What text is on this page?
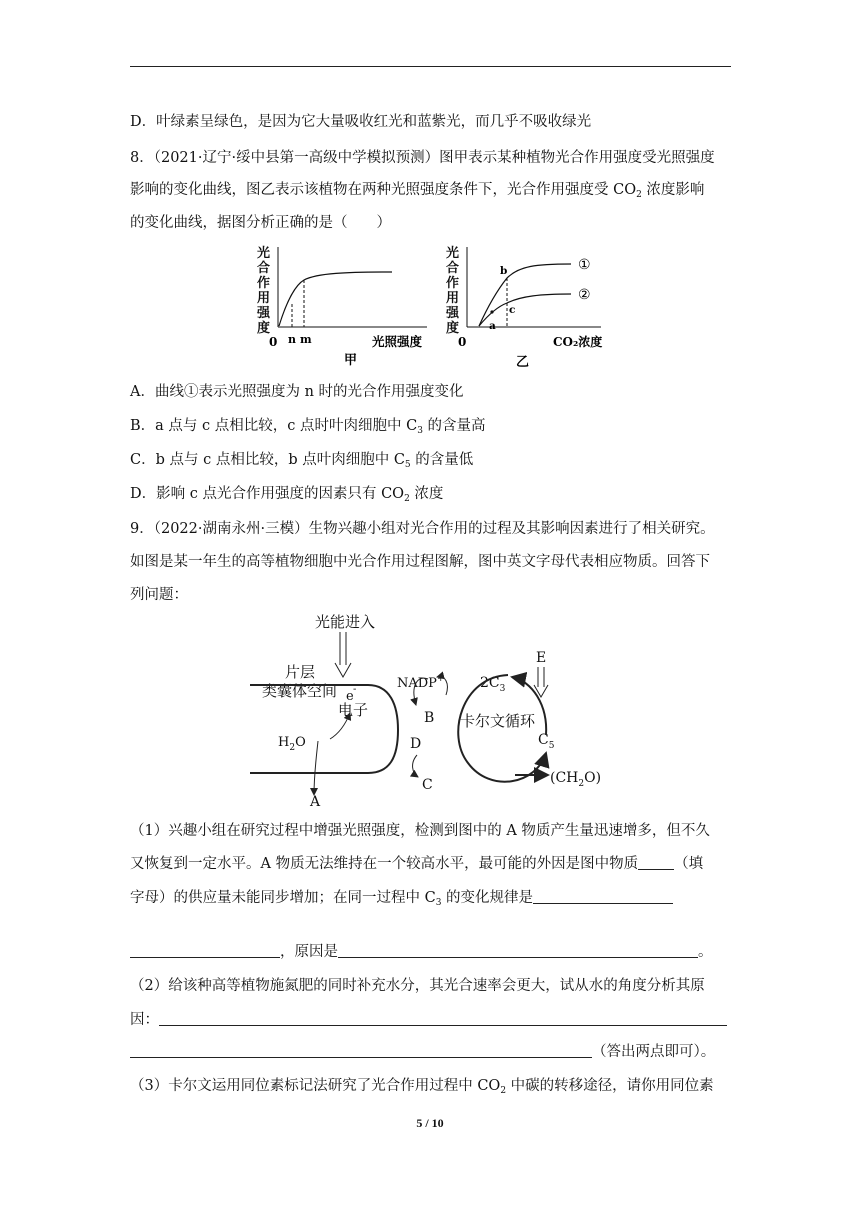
D．叶绿素呈绿色，是因为它大量吸收红光和蓝紫光，而几乎不吸收绿光
8．（2021·辽宁·绥中县第一高级中学模拟预测）图甲表示某种植物光合作用强度受光照强度
影响的变化曲线，图乙表示该植物在两种光照强度条件下，光合作用强度受 $CO_2$ 浓度影响
的变化曲线，据图分析正确的是（　　）
光
合
作
用
强
度
0 n m	光照强度
甲
光
合
作
用
强
度
0
a
b
c
①
②
CO₂浓度
乙
A．曲线①表示光照强度为 n 时的光合作用强度变化
B．a 点与 c 点相比较，c 点时叶肉细胞中 $C_3$ 的含量高
C．b 点与 c 点相比较，b 点叶肉细胞中 $C_5$ 的含量低
D．影响 c 点光合作用强度的因素只有 $CO_2$ 浓度
9．（2022·湖南永州·三模）生物兴趣小组对光合作用的过程及其影响因素进行了相关研究。
如图是某一年生的高等植物细胞中光合作用过程图解，图中英文字母代表相应物质。回答下
列问题：
光能进入
片层
类囊体空间
电子
卡尔文循环
e -	NADP+
B
D
C
A
E
$H_2O$
$2C_3$
$C_5$
$(CH_2O)$
（1）兴趣小组在研究过程中增强光照强度，检测到图中的 A 物质产生量迅速增多，但不久
又恢复到一定水平。A 物质无法维持在一个较高水平，最可能的外因是图中物质 （填
字母）的供应量未能同步增加；在同一过程中 $C_3$ 的变化规律是
，原因是	。
（2）给该种高等植物施氮肥的同时补充水分，其光合速率会更大，试从水的角度分析其原
因：
（答出两点即可）。
（3）卡尔文运用同位素标记法研究了光合作用过程中 $CO_2$ 中碳的转移途径，请你用同位素
5 / 10
